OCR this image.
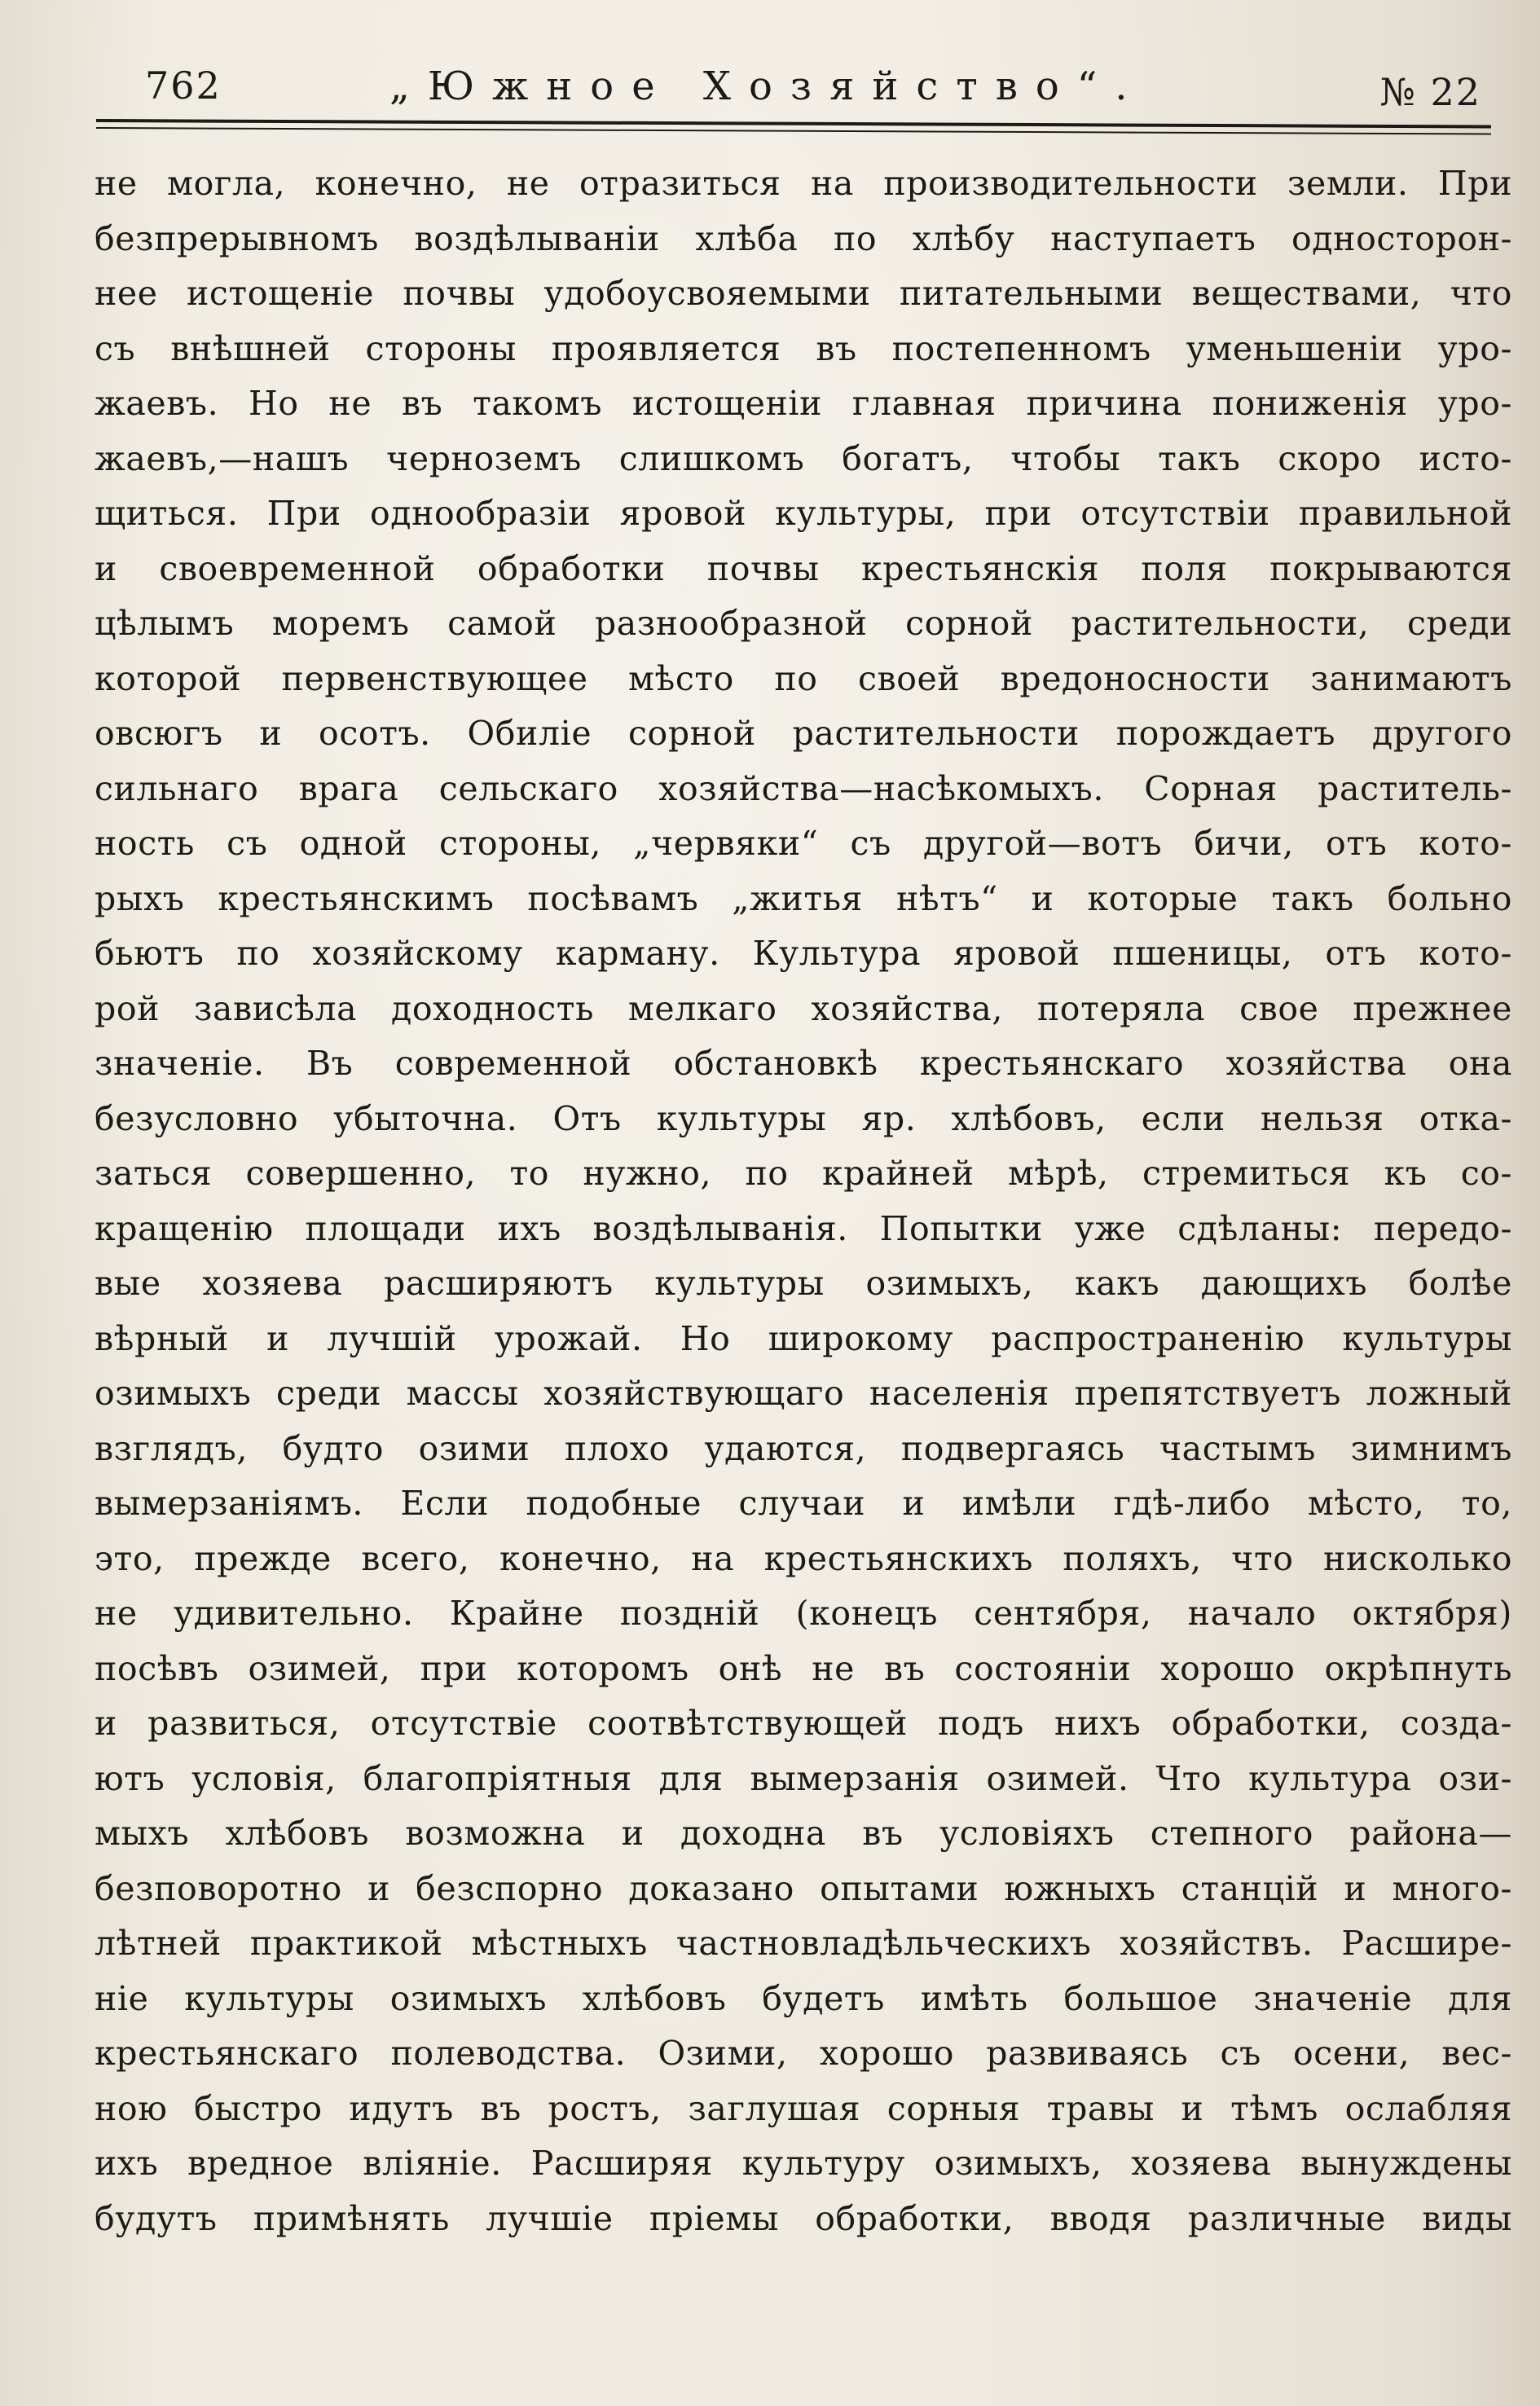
762	„Южное Хозяйство“.	№ 22
не могла, конечно, не отразиться на производительности земли. При
безпрерывномъ воздѣлываніи хлѣба по хлѣбу наступаетъ односторон-
нее истощеніе почвы удобоусвояемыми питательными веществами, что
съ внѣшней стороны проявляется въ постепенномъ уменьшеніи уро-
жаевъ. Но не въ такомъ истощеніи главная причина пониженія уро-
жаевъ,—нашъ черноземъ слишкомъ богатъ, чтобы такъ скоро исто-
щиться. При однообразіи яровой культуры, при отсутствіи правильной
и своевременной обработки почвы крестьянскія поля покрываются
цѣлымъ моремъ самой разнообразной сорной растительности, среди
которой первенствующее мѣсто по своей вредоносности занимаютъ
овсюгъ и осотъ. Обиліе сорной растительности порождаетъ другого
сильнаго врага сельскаго хозяйства—насѣкомыхъ. Сорная раститель-
ность съ одной стороны, „червяки“ съ другой—вотъ бичи, отъ кото-
рыхъ крестьянскимъ посѣвамъ „житья нѣтъ“ и которые такъ больно
бьютъ по хозяйскому карману. Культура яровой пшеницы, отъ кото-
рой зависѣла доходность мелкаго хозяйства, потеряла свое прежнее
значеніе. Въ современной обстановкѣ крестьянскаго хозяйства она
безусловно убыточна. Отъ культуры яр. хлѣбовъ, если нельзя отка-
заться совершенно, то нужно, по крайней мѣрѣ, стремиться къ со-
кращенію площади ихъ воздѣлыванія. Попытки уже сдѣланы: передо-
вые хозяева расширяютъ культуры озимыхъ, какъ дающихъ болѣе
вѣрный и лучшій урожай. Но широкому распространенію культуры
озимыхъ среди массы хозяйствующаго населенія препятствуетъ ложный
взглядъ, будто озими плохо удаются, подвергаясь частымъ зимнимъ
вымерзаніямъ. Если подобные случаи и имѣли гдѣ-либо мѣсто, то,
это, прежде всего, конечно, на крестьянскихъ поляхъ, что нисколько
не удивительно. Крайне поздній (конецъ сентября, начало октября)
посѣвъ озимей, при которомъ онѣ не въ состояніи хорошо окрѣпнуть
и развиться, отсутствіе соотвѣтствующей подъ нихъ обработки, созда-
ютъ условія, благопріятныя для вымерзанія озимей. Что культура ози-
мыхъ хлѣбовъ возможна и доходна въ условіяхъ степного района—
безповоротно и безспорно доказано опытами южныхъ станцій и много-
лѣтней практикой мѣстныхъ частновладѣльческихъ хозяйствъ. Расшире-
ніе культуры озимыхъ хлѣбовъ будетъ имѣть большое значеніе для
крестьянскаго полеводства. Озими, хорошо развиваясь съ осени, вес-
ною быстро идутъ въ ростъ, заглушая сорныя травы и тѣмъ ослабляя
ихъ вредное вліяніе. Расширяя культуру озимыхъ, хозяева вынуждены
будутъ примѣнять лучшіе пріемы обработки, вводя различные виды
